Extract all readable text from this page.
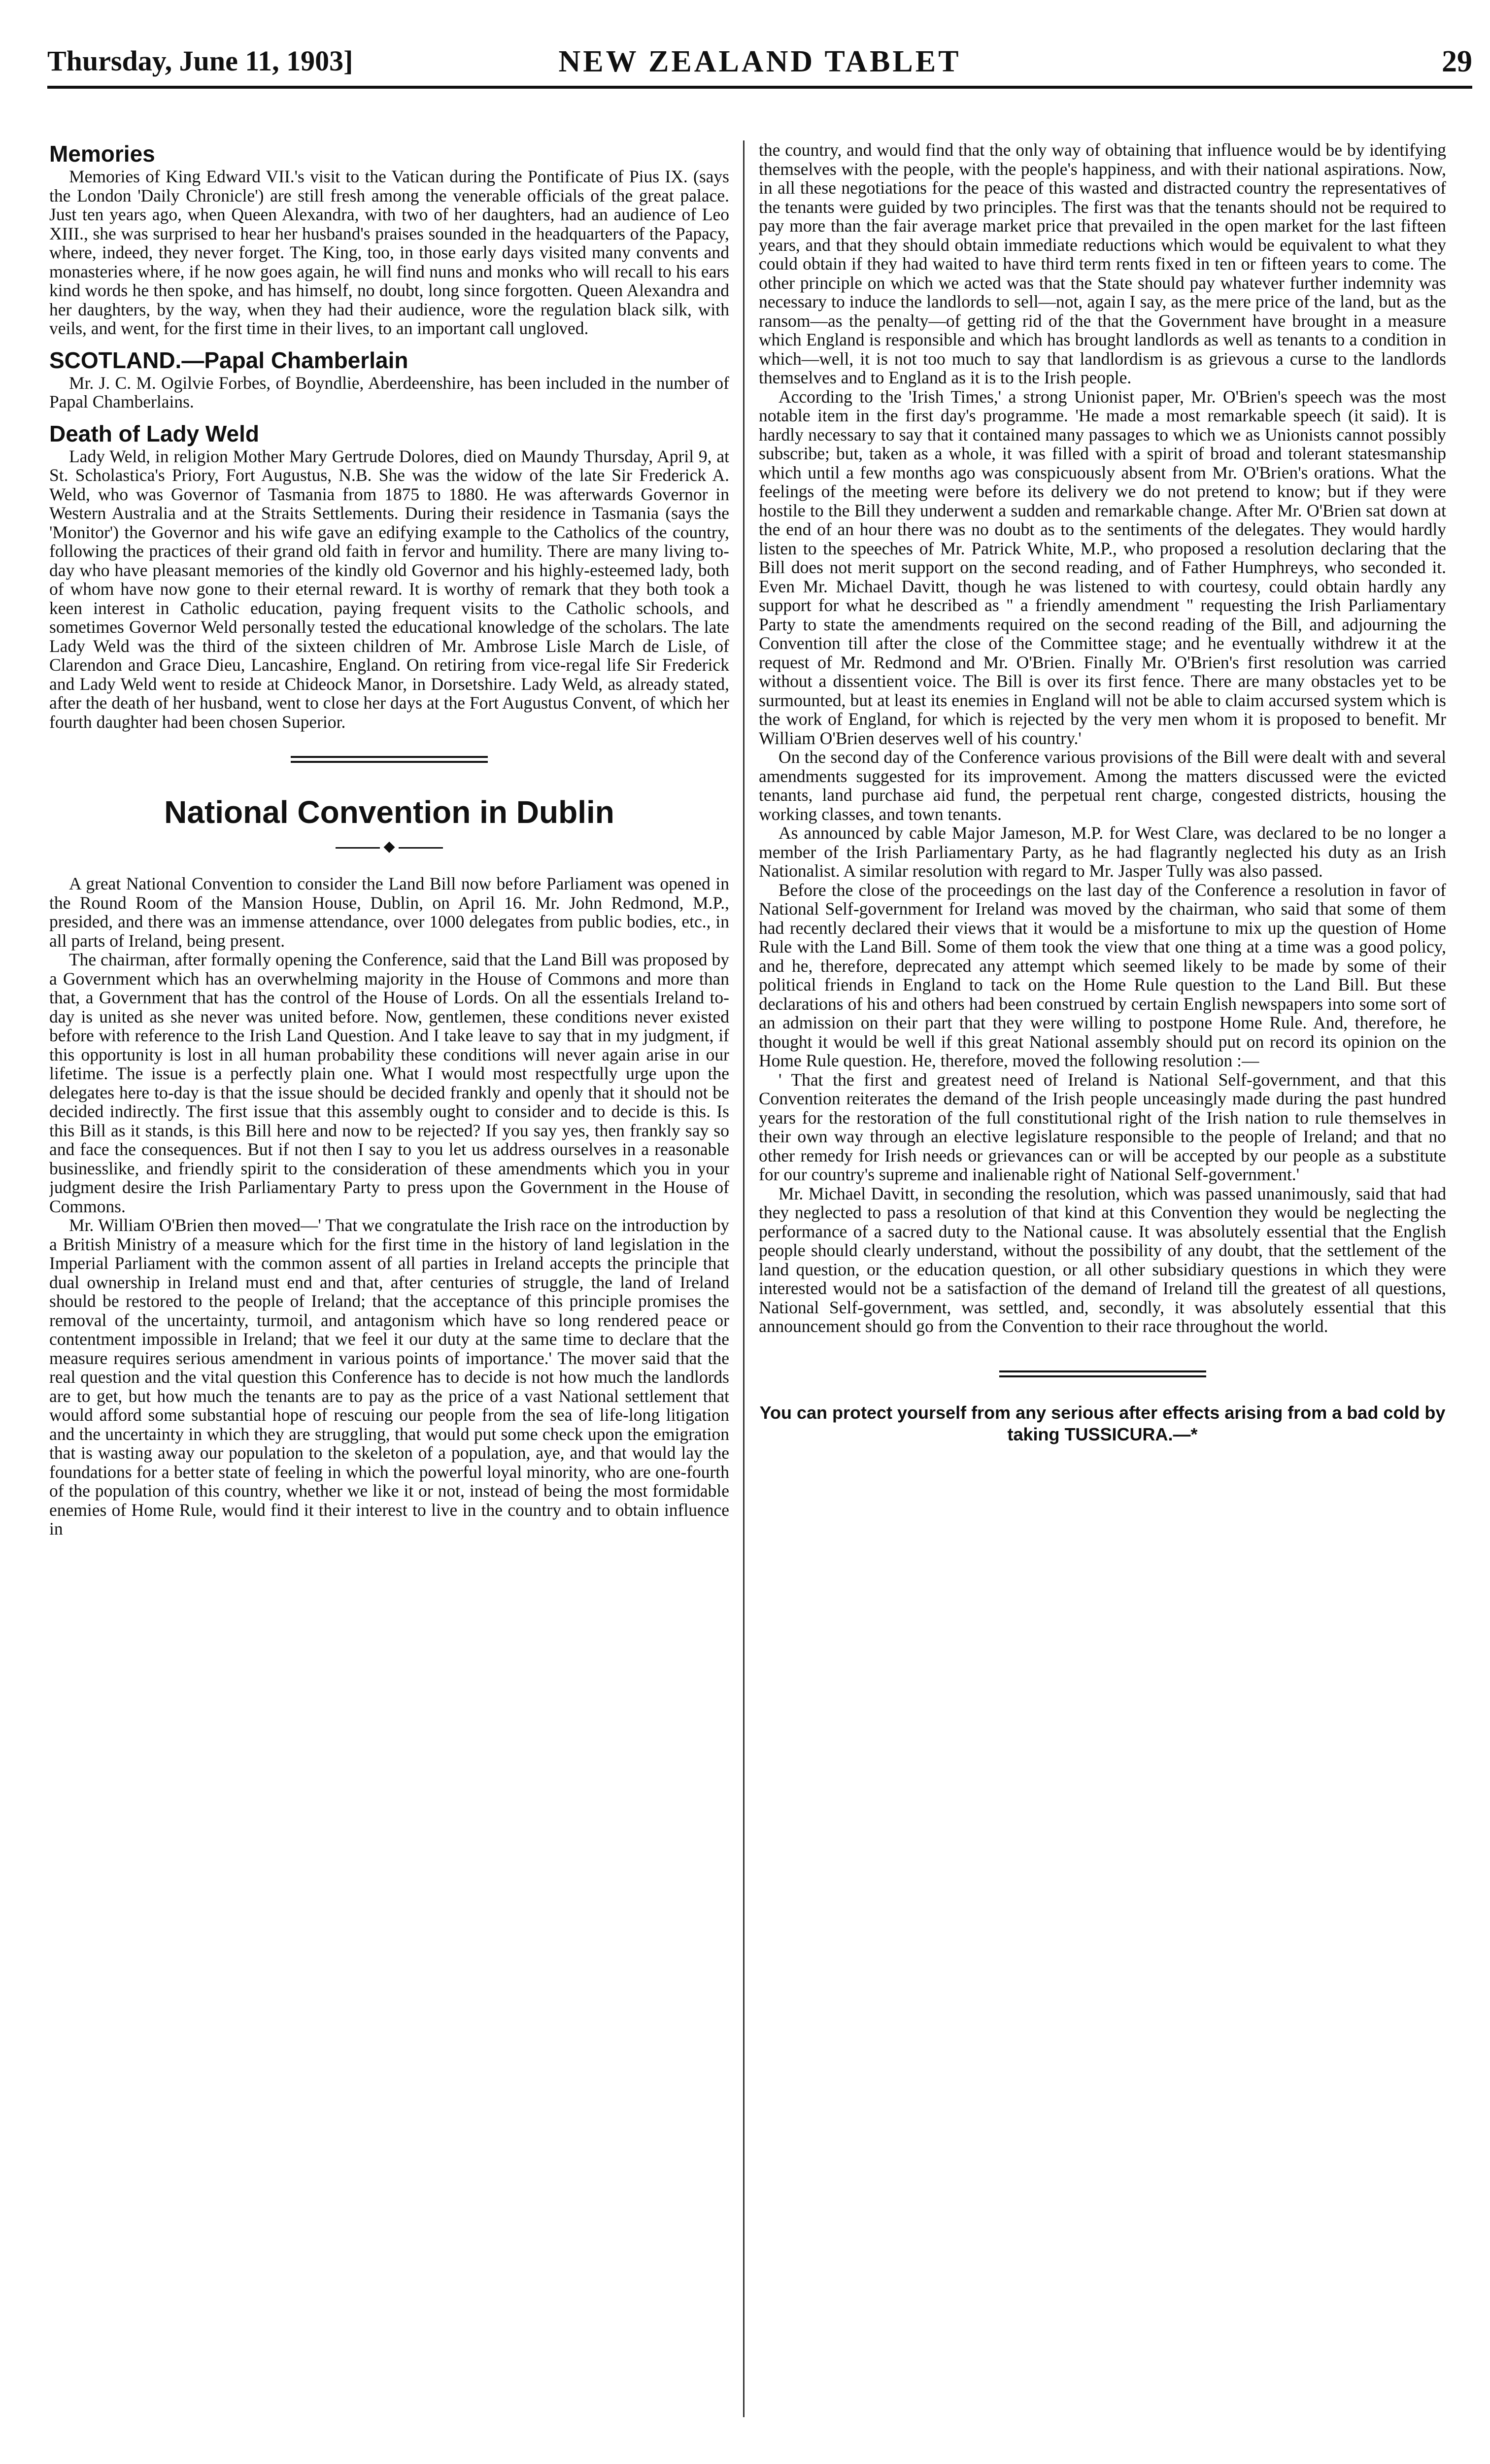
Thursday, June 11, 1903]	NEW ZEALAND TABLET	29
Memories

Memories of King Edward VII.'s visit to the Vatican during the Pontificate of Pius IX. (says the London 'Daily Chronicle') are still fresh among the venerable officials of the great palace. Just ten years ago, when Queen Alexandra, with two of her daughters, had an audience of Leo XIII., she was surprised to hear her husband's praises sounded in the headquarters of the Papacy, where, indeed, they never forget. The King, too, in those early days visited many convents and monasteries where, if he now goes again, he will find nuns and monks who will recall to his ears kind words he then spoke, and has himself, no doubt, long since forgotten. Queen Alexandra and her daughters, by the way, when they had their audience, wore the regulation black silk, with veils, and went, for the first time in their lives, to an important call ungloved.

SCOTLAND.—Papal Chamberlain

Mr. J. C. M. Ogilvie Forbes, of Boyndlie, Aberdeenshire, has been included in the number of Papal Chamberlains.

Death of Lady Weld

Lady Weld, in religion Mother Mary Gertrude Dolores, died on Maundy Thursday, April 9, at St. Scholastica's Priory, Fort Augustus, N.B. She was the widow of the late Sir Frederick A. Weld, who was Governor of Tasmania from 1875 to 1880. He was afterwards Governor in Western Australia and at the Straits Settlements. During their residence in Tasmania (says the 'Monitor') the Governor and his wife gave an edifying example to the Catholics of the country, following the practices of their grand old faith in fervor and humility. There are many living to-day who have pleasant memories of the kindly old Governor and his highly-esteemed lady, both of whom have now gone to their eternal reward. It is worthy of remark that they both took a keen interest in Catholic education, paying frequent visits to the Catholic schools, and sometimes Governor Weld personally tested the educational knowledge of the scholars. The late Lady Weld was the third of the sixteen children of Mr. Ambrose Lisle March de Lisle, of Clarendon and Grace Dieu, Lancashire, England. On retiring from vice-regal life Sir Frederick and Lady Weld went to reside at Chideock Manor, in Dorsetshire. Lady Weld, as already stated, after the death of her husband, went to close her days at the Fort Augustus Convent, of which her fourth daughter had been chosen Superior.

National Convention in Dublin
◆

A great National Convention to consider the Land Bill now before Parliament was opened in the Round Room of the Mansion House, Dublin, on April 16. Mr. John Redmond, M.P., presided, and there was an immense attendance, over 1000 delegates from public bodies, etc., in all parts of Ireland, being present.

The chairman, after formally opening the Conference, said that the Land Bill was proposed by a Government which has an overwhelming majority in the House of Commons and more than that, a Government that has the control of the House of Lords. On all the essentials Ireland to-day is united as she never was united before. Now, gentlemen, these conditions never existed before with reference to the Irish Land Question. And I take leave to say that in my judgment, if this opportunity is lost in all human probability these conditions will never again arise in our lifetime. The issue is a perfectly plain one. What I would most respectfully urge upon the delegates here to-day is that the issue should be decided frankly and openly that it should not be decided indirectly. The first issue that this assembly ought to consider and to decide is this. Is this Bill as it stands, is this Bill here and now to be rejected? If you say yes, then frankly say so and face the consequences. But if not then I say to you let us address ourselves in a reasonable businesslike, and friendly spirit to the consideration of these amendments which you in your judgment desire the Irish Parliamentary Party to press upon the Government in the House of Commons.

Mr. William O'Brien then moved—' That we congratulate the Irish race on the introduction by a British Ministry of a measure which for the first time in the history of land legislation in the Imperial Parliament with the common assent of all parties in Ireland accepts the principle that dual ownership in Ireland must end and that, after centuries of struggle, the land of Ireland should be restored to the people of Ireland; that the acceptance of this principle promises the removal of the uncertainty, turmoil, and antagonism which have so long rendered peace or contentment impossible in Ireland; that we feel it our duty at the same time to declare that the measure requires serious amendment in various points of importance.' The mover said that the real question and the vital question this Conference has to decide is not how much the landlords are to get, but how much the tenants are to pay as the price of a vast National settlement that would afford some substantial hope of rescuing our people from the sea of life-long litigation and the uncertainty in which they are struggling, that would put some check upon the emigration that is wasting away our population to the skeleton of a population, aye, and that would lay the foundations for a better state of feeling in which the powerful loyal minority, who are one-fourth of the population of this country, whether we like it or not, instead of being the most formidable enemies of Home Rule, would find it their interest to live in the country and to obtain influence in

the country, and would find that the only way of obtaining that influence would be by identifying themselves with the people, with the people's happiness, and with their national aspirations. Now, in all these negotiations for the peace of this wasted and distracted country the representatives of the tenants were guided by two principles. The first was that the tenants should not be required to pay more than the fair average market price that prevailed in the open market for the last fifteen years, and that they should obtain immediate reductions which would be equivalent to what they could obtain if they had waited to have third term rents fixed in ten or fifteen years to come. The other principle on which we acted was that the State should pay whatever further indemnity was necessary to induce the landlords to sell—not, again I say, as the mere price of the land, but as the ransom—as the penalty—of getting rid of the that the Government have brought in a measure which England is responsible and which has brought landlords as well as tenants to a condition in which—well, it is not too much to say that landlordism is as grievous a curse to the landlords themselves and to England as it is to the Irish people.

According to the 'Irish Times,' a strong Unionist paper, Mr. O'Brien's speech was the most notable item in the first day's programme. 'He made a most remarkable speech (it said). It is hardly necessary to say that it contained many passages to which we as Unionists cannot possibly subscribe; but, taken as a whole, it was filled with a spirit of broad and tolerant statesmanship which until a few months ago was conspicuously absent from Mr. O'Brien's orations. What the feelings of the meeting were before its delivery we do not pretend to know; but if they were hostile to the Bill they underwent a sudden and remarkable change. After Mr. O'Brien sat down at the end of an hour there was no doubt as to the sentiments of the delegates. They would hardly listen to the speeches of Mr. Patrick White, M.P., who proposed a resolution declaring that the Bill does not merit support on the second reading, and of Father Humphreys, who seconded it. Even Mr. Michael Davitt, though he was listened to with courtesy, could obtain hardly any support for what he described as " a friendly amendment " requesting the Irish Parliamentary Party to state the amendments required on the second reading of the Bill, and adjourning the Convention till after the close of the Committee stage; and he eventually withdrew it at the request of Mr. Redmond and Mr. O'Brien. Finally Mr. O'Brien's first resolution was carried without a dissentient voice. The Bill is over its first fence. There are many obstacles yet to be surmounted, but at least its enemies in England will not be able to claim accursed system which is the work of England, for which is rejected by the very men whom it is proposed to benefit. Mr William O'Brien deserves well of his country.'

On the second day of the Conference various provisions of the Bill were dealt with and several amendments suggested for its improvement. Among the matters discussed were the evicted tenants, land purchase aid fund, the perpetual rent charge, congested districts, housing the working classes, and town tenants.

As announced by cable Major Jameson, M.P. for West Clare, was declared to be no longer a member of the Irish Parliamentary Party, as he had flagrantly neglected his duty as an Irish Nationalist. A similar resolution with regard to Mr. Jasper Tully was also passed.

Before the close of the proceedings on the last day of the Conference a resolution in favor of National Self-government for Ireland was moved by the chairman, who said that some of them had recently declared their views that it would be a misfortune to mix up the question of Home Rule with the Land Bill. Some of them took the view that one thing at a time was a good policy, and he, therefore, deprecated any attempt which seemed likely to be made by some of their political friends in England to tack on the Home Rule question to the Land Bill. But these declarations of his and others had been construed by certain English newspapers into some sort of an admission on their part that they were willing to postpone Home Rule. And, therefore, he thought it would be well if this great National assembly should put on record its opinion on the Home Rule question. He, therefore, moved the following resolution :—

' That the first and greatest need of Ireland is National Self-government, and that this Convention reiterates the demand of the Irish people unceasingly made during the past hundred years for the restoration of the full constitutional right of the Irish nation to rule themselves in their own way through an elective legislature responsible to the people of Ireland; and that no other remedy for Irish needs or grievances can or will be accepted by our people as a substitute for our country's supreme and inalienable right of National Self-government.'

Mr. Michael Davitt, in seconding the resolution, which was passed unanimously, said that had they neglected to pass a resolution of that kind at this Convention they would be neglecting the performance of a sacred duty to the National cause. It was absolutely essential that the English people should clearly understand, without the possibility of any doubt, that the settlement of the land question, or the education question, or all other subsidiary questions in which they were interested would not be a satisfaction of the demand of Ireland till the greatest of all questions, National Self-government, was settled, and, secondly, it was absolutely essential that this announcement should go from the Convention to their race throughout the world.

You can protect yourself from any serious after effects arising from a bad cold by taking TUSSICURA.—*
